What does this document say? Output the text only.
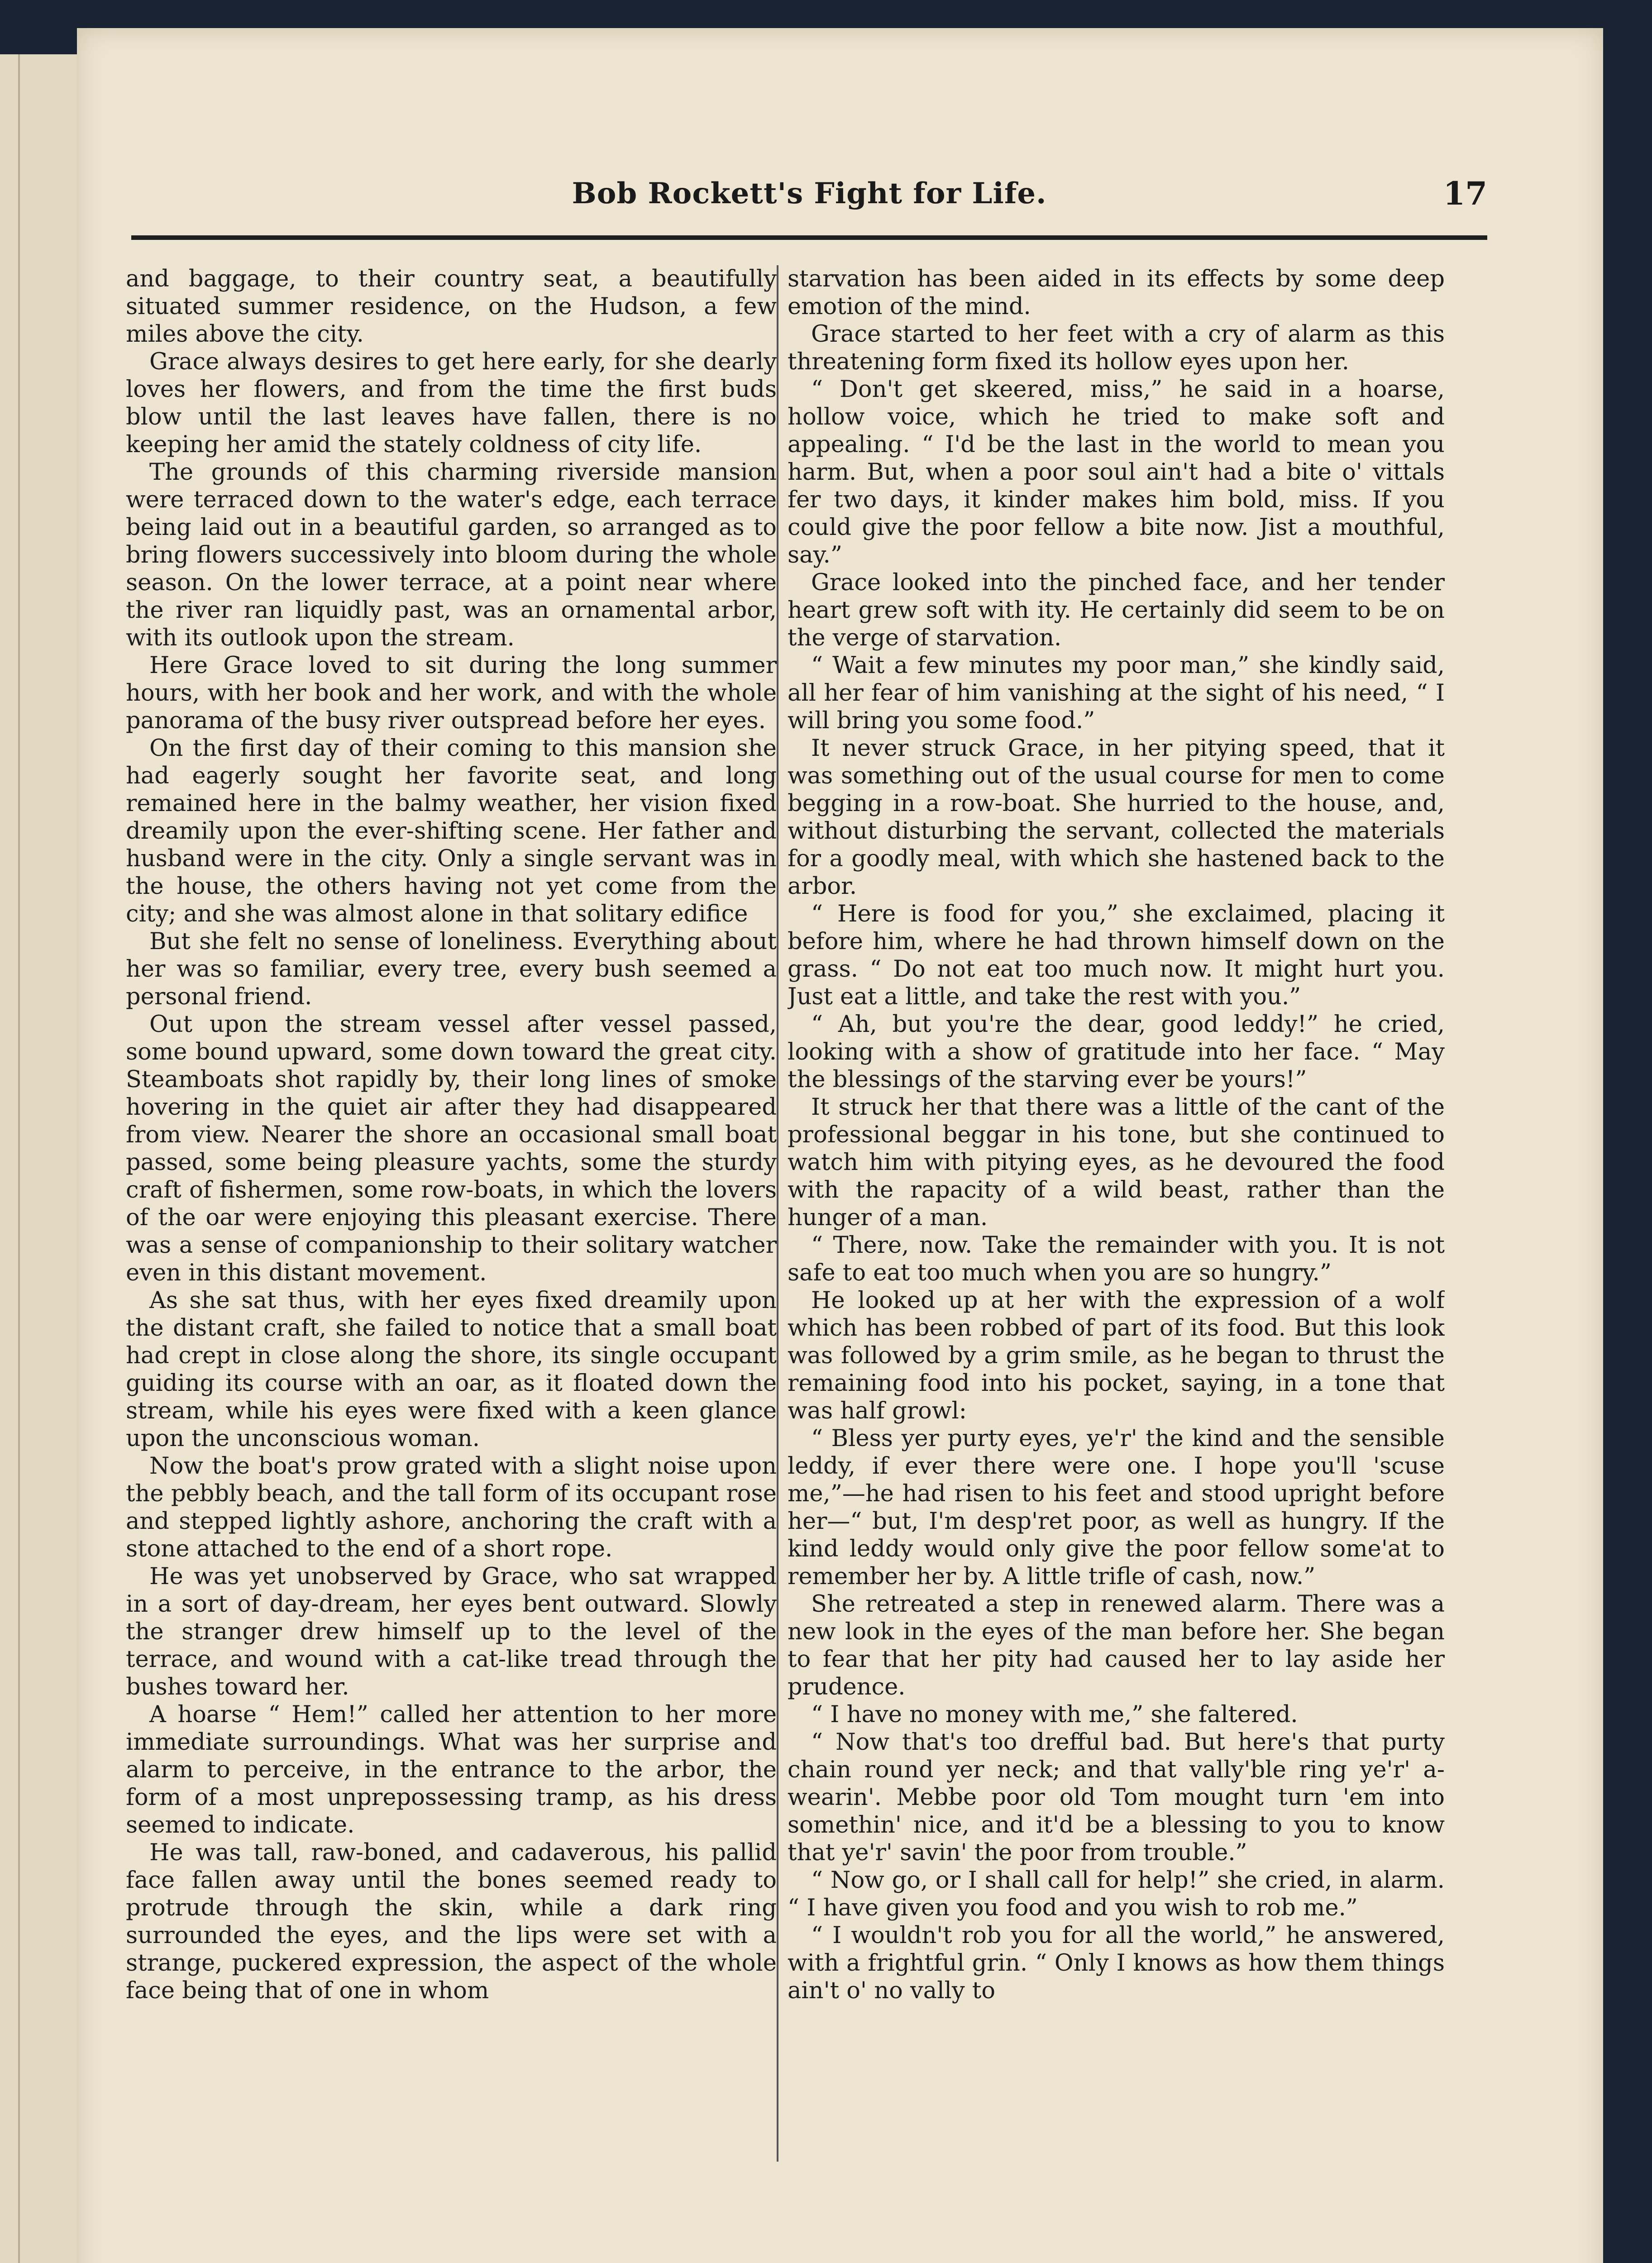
Bob Rockett's Fight for Life.	17

and baggage, to their country seat, a beautifully situated summer residence, on the Hudson, a few miles above the city.

Grace always desires to get here early, for she dearly loves her flowers, and from the time the first buds blow until the last leaves have fallen, there is no keeping her amid the stately coldness of city life.

The grounds of this charming riverside mansion were terraced down to the water's edge, each terrace being laid out in a beautiful garden, so arranged as to bring flowers successively into bloom during the whole season. On the lower terrace, at a point near where the river ran liquidly past, was an ornamental arbor, with its outlook upon the stream.

Here Grace loved to sit during the long summer hours, with her book and her work, and with the whole panorama of the busy river outspread before her eyes.

On the first day of their coming to this mansion she had eagerly sought her favorite seat, and long remained here in the balmy weather, her vision fixed dreamily upon the ever-shifting scene. Her father and husband were in the city. Only a single servant was in the house, the others having not yet come from the city; and she was almost alone in that solitary edifice

But she felt no sense of loneliness. Everything about her was so familiar, every tree, every bush seemed a personal friend.

Out upon the stream vessel after vessel passed, some bound upward, some down toward the great city. Steamboats shot rapidly by, their long lines of smoke hovering in the quiet air after they had disappeared from view. Nearer the shore an occasional small boat passed, some being pleasure yachts, some the sturdy craft of fishermen, some row-boats, in which the lovers of the oar were enjoying this pleasant exercise. There was a sense of companionship to their solitary watcher even in this distant movement.

As she sat thus, with her eyes fixed dreamily upon the distant craft, she failed to notice that a small boat had crept in close along the shore, its single occupant guiding its course with an oar, as it floated down the stream, while his eyes were fixed with a keen glance upon the unconscious woman.

Now the boat's prow grated with a slight noise upon the pebbly beach, and the tall form of its occupant rose and stepped lightly ashore, anchoring the craft with a stone attached to the end of a short rope.

He was yet unobserved by Grace, who sat wrapped in a sort of day-dream, her eyes bent outward. Slowly the stranger drew himself up to the level of the terrace, and wound with a cat-like tread through the bushes toward her.

A hoarse “ Hem!” called her attention to her more immediate surroundings. What was her surprise and alarm to perceive, in the entrance to the arbor, the form of a most unprepossessing tramp, as his dress seemed to indicate.

He was tall, raw-boned, and cadaverous, his pallid face fallen away until the bones seemed ready to protrude through the skin, while a dark ring surrounded the eyes, and the lips were set with a strange, puckered expression, the aspect of the whole face being that of one in whom

starvation has been aided in its effects by some deep emotion of the mind.

Grace started to her feet with a cry of alarm as this threatening form fixed its hollow eyes upon her.

“ Don't get skeered, miss,” he said in a hoarse, hollow voice, which he tried to make soft and appealing. “ I'd be the last in the world to mean you harm. But, when a poor soul ain't had a bite o' vittals fer two days, it kinder makes him bold, miss. If you could give the poor fellow a bite now. Jist a mouthful, say.”

Grace looked into the pinched face, and her tender heart grew soft with ity. He certainly did seem to be on the verge of starvation.

“ Wait a few minutes my poor man,” she kindly said, all her fear of him vanishing at the sight of his need, “ I will bring you some food.”

It never struck Grace, in her pitying speed, that it was something out of the usual course for men to come begging in a row-boat. She hurried to the house, and, without disturbing the servant, collected the materials for a goodly meal, with which she hastened back to the arbor.

“ Here is food for you,” she exclaimed, placing it before him, where he had thrown himself down on the grass. “ Do not eat too much now. It might hurt you. Just eat a little, and take the rest with you.”

“ Ah, but you're the dear, good leddy!” he cried, looking with a show of gratitude into her face. “ May the blessings of the starving ever be yours!”

It struck her that there was a little of the cant of the professional beggar in his tone, but she continued to watch him with pitying eyes, as he devoured the food with the rapacity of a wild beast, rather than the hunger of a man.

“ There, now. Take the remainder with you. It is not safe to eat too much when you are so hungry.”

He looked up at her with the expression of a wolf which has been robbed of part of its food. But this look was followed by a grim smile, as he began to thrust the remaining food into his pocket, saying, in a tone that was half growl:

“ Bless yer purty eyes, ye'r' the kind and the sensible leddy, if ever there were one. I hope you'll 'scuse me,”—he had risen to his feet and stood upright before her—“ but, I'm desp'ret poor, as well as hungry. If the kind leddy would only give the poor fellow some'at to remember her by. A little trifle of cash, now.”

She retreated a step in renewed alarm. There was a new look in the eyes of the man before her. She began to fear that her pity had caused her to lay aside her prudence.

“ I have no money with me,” she faltered.

“ Now that's too drefful bad. But here's that purty chain round yer neck; and that vally'ble ring ye'r' a-wearin'. Mebbe poor old Tom mought turn 'em into somethin' nice, and it'd be a blessing to you to know that ye'r' savin' the poor from trouble.”

“ Now go, or I shall call for help!” she cried, in alarm. “ I have given you food and you wish to rob me.”

“ I wouldn't rob you for all the world,” he answered, with a frightful grin. “ Only I knows as how them things ain't o' no vally to
